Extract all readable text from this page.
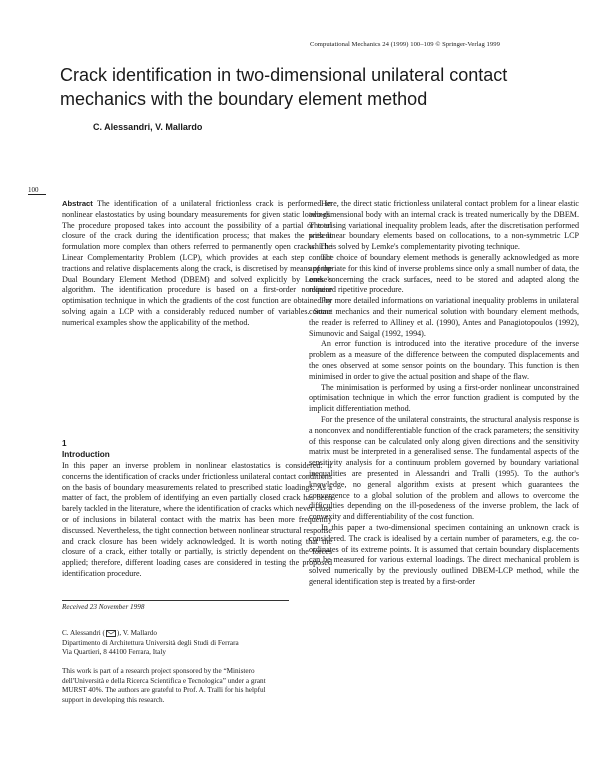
Computational Mechanics 24 (1999) 100–109 © Springer-Verlag 1999
Crack identification in two-dimensional unilateral contact mechanics with the boundary element method
C. Alessandri, V. Mallardo
100

Abstract The identification of a unilateral frictionless crack is performed in nonlinear elastostatics by using boundary measurements for given static loadings. The procedure proposed takes into account the possibility of a partial or total closure of the crack during the identification process; that makes the present formulation more complex than others referred to permanently open cracks. The Linear Complementarity Problem (LCP), which provides at each step contact tractions and relative displacements along the crack, is discretised by means of the Dual Boundary Element Method (DBEM) and solved explicitly by Lemke's algorithm. The identification procedure is based on a first-order nonlinear optimisation technique in which the gradients of the cost function are obtained by solving again a LCP with a considerably reduced number of variables. Some numerical examples show the applicability of the method.

1
Introduction

In this paper an inverse problem in nonlinear elastostatics is considered: it concerns the identification of cracks under frictionless unilateral contact conditions on the basis of boundary measurements related to prescribed static loadings. As a matter of fact, the problem of identifying an even partially closed crack has been barely tackled in the literature, where the identification of cracks which never close or of inclusions in bilateral contact with the matrix has been more frequently discussed. Nevertheless, the tight connection between nonlinear structural response and crack closure has been widely acknowledged. It is worth noting that the closure of a crack, either totally or partially, is strictly dependent on the forces applied; therefore, different loading cases are considered in testing the proposed identification procedure.

Received 23 November 1998
C. Alessandri ( ), V. Mallardo
Dipartimento di Architettura Università degli Studi di Ferrara
Via Quartieri, 8 44100 Ferrara, Italy
This work is part of a research project sponsored by the “Ministero dell'Università e della Ricerca Scientifica e Tecnologica” under a grant MURST 40%. The authors are grateful to Prof. A. Tralli for his helpful support in developing this research.

Here, the direct static frictionless unilateral contact problem for a linear elastic two-dimensional body with an internal crack is treated numerically by the DBEM. The arising variational inequality problem leads, after the discretisation performed with linear boundary elements based on collocations, to a non-symmetric LCP which is solved by Lemke's complementarity pivoting technique.

The choice of boundary element methods is generally acknowledged as more appropriate for this kind of inverse problems since only a small number of data, the ones concerning the crack surfaces, need to be stored and adapted along the required ripetitive procedure.

For more detailed informations on variational inequality problems in unilateral contact mechanics and their numerical solution with boundary element methods, the reader is referred to Alliney et al. (1990), Antes and Panagiotopoulos (1992), Simunovic and Saigal (1992, 1994).

An error function is introduced into the iterative procedure of the inverse problem as a measure of the difference between the computed displacements and the ones observed at some sensor points on the boundary. This function is then minimised in order to give the actual position and shape of the flaw.

The minimisation is performed by using a first-order nonlinear unconstrained optimisation technique in which the error function gradient is computed by the implicit differentiation method.

For the presence of the unilateral constraints, the structural analysis response is a nonconvex and nondifferentiable function of the crack parameters; the sensitivity of this response can be calculated only along given directions and the sensitivity matrix must be interpreted in a generalised sense. The fundamental aspects of the sensitivity analysis for a continuum problem governed by boundary variational inequalities are presented in Alessandri and Tralli (1995). To the author's knowledge, no general algorithm exists at present which guarantees the convergence to a global solution of the problem and allows to overcome the difficulties depending on the ill-posedeness of the inverse problem, the lack of convexity and differentiability of the cost function.

In this paper a two-dimensional specimen containing an unknown crack is considered. The crack is idealised by a certain number of parameters, e.g. the co-ordinates of its extreme points. It is assumed that certain boundary displacements can be measured for various external loadings. The direct mechanical problem is solved numerically by the previously outlined DBEM-LCP method, while the general identification step is treated by a first-order
